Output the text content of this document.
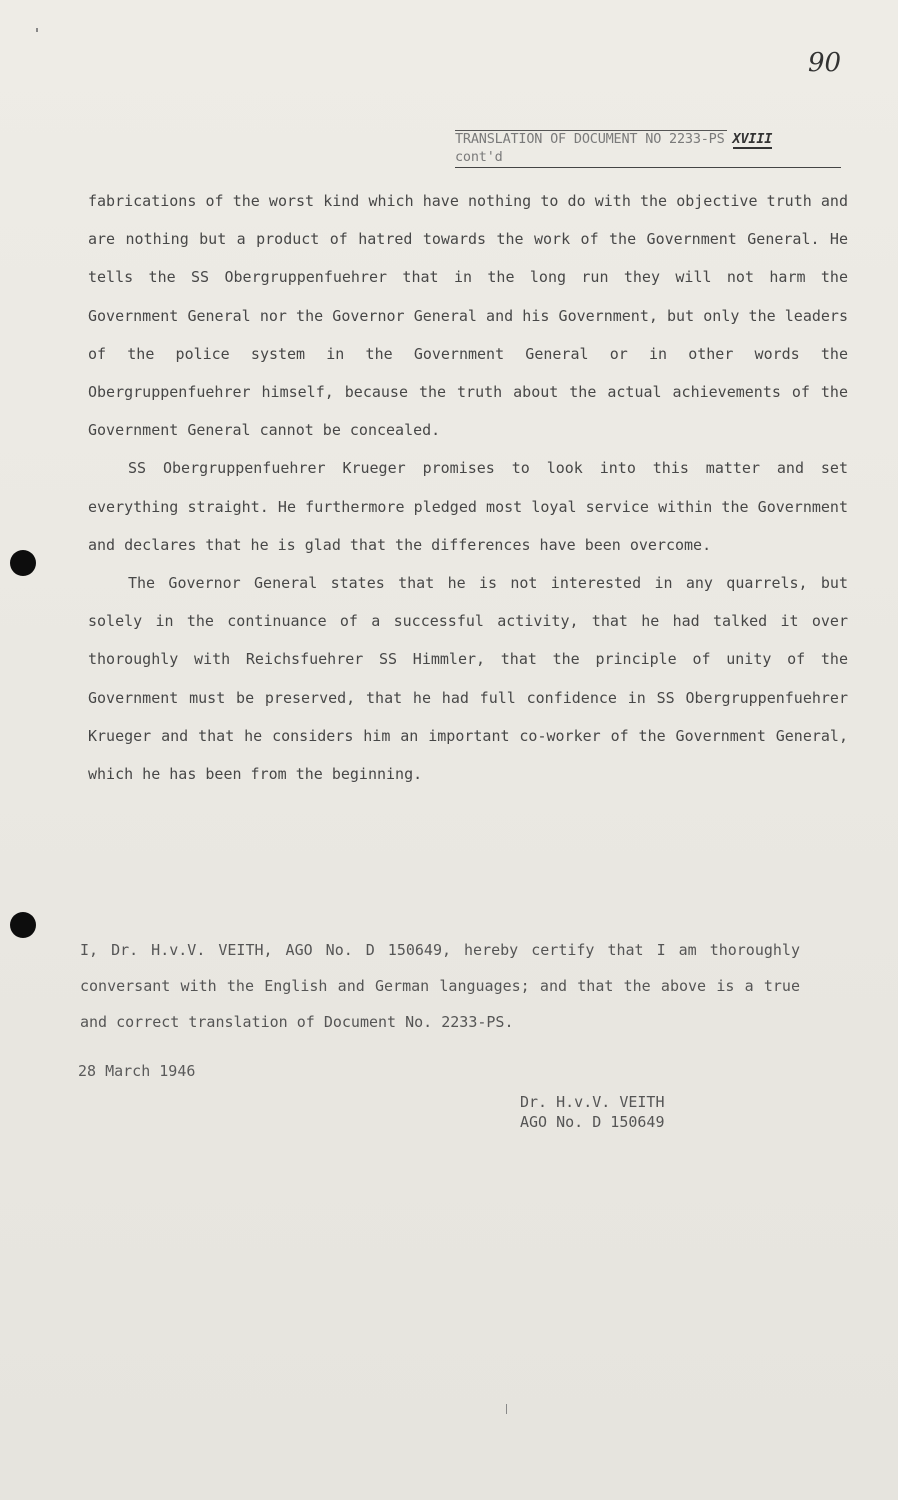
90
TRANSLATION OF DOCUMENT NO 2233-PS XVIII
cont'd

fabrications of the worst kind which have nothing to do with the objective truth and are nothing but a product of hatred towards the work of the Government General. He tells the SS Obergruppenfuehrer that in the long run they will not harm the Government General nor the Governor General and his Government, but only the leaders of the police system in the Government General or in other words the Obergruppenfuehrer himself, because the truth about the actual achievements of the Government General cannot be concealed.

SS Obergruppenfuehrer Krueger promises to look into this matter and set everything straight. He furthermore pledged most loyal service within the Government and declares that he is glad that the differences have been overcome.

The Governor General states that he is not interested in any quarrels, but solely in the continuance of a successful activity, that he had talked it over thoroughly with Reichsfuehrer SS Himmler, that the principle of unity of the Government must be preserved, that he had full confidence in SS Obergruppenfuehrer Krueger and that he considers him an important co-worker of the Government General, which he has been from the beginning.

I, Dr. H.v.V. VEITH, AGO No. D 150649, hereby certify that I am thoroughly conversant with the English and German languages; and that the above is a true and correct translation of Document No. 2233-PS.

28 March 1946
Dr. H.v.V. VEITH
AGO No. D 150649
